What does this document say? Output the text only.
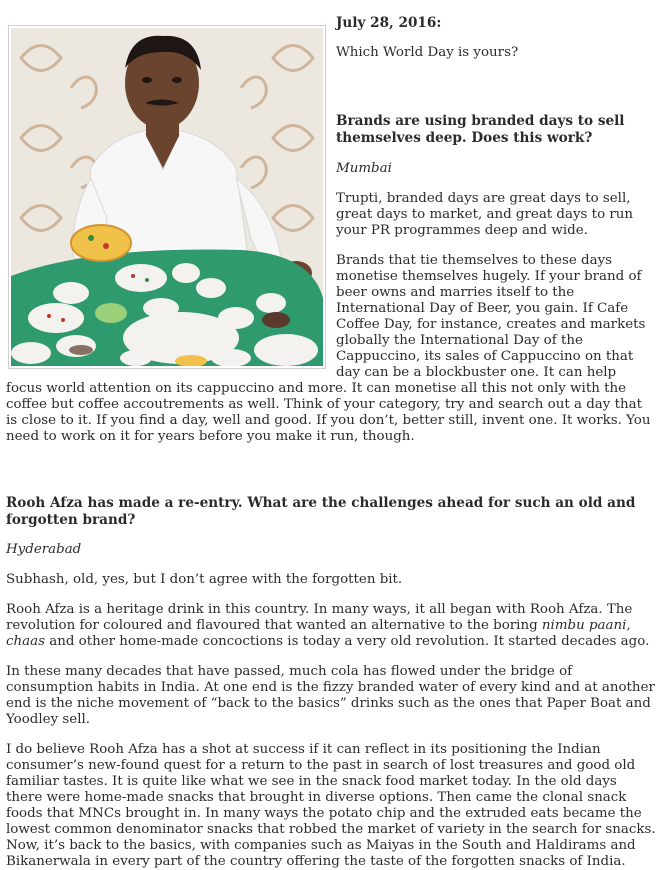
July 28, 2016:

Which World Day is yours?

Brands are using branded days to sell themselves deep. Does this work?

Mumbai

Trupti, branded days are great days to sell, great days to market, and great days to run your PR programmes deep and wide.

Brands that tie themselves to these days monetise themselves hugely. If your brand of beer owns and marries itself to the International Day of Beer, you gain. If Cafe Coffee Day, for instance, creates and markets globally the International Day of the Cappuccino, its sales of Cappuccino on that day can be a blockbuster one. It can help focus world attention on its cappuccino and more. It can monetise all this not only with the coffee but coffee accoutrements as well. Think of your category, try and search out a day that is close to it. If you find a day, well and good. If you don’t, better still, invent one. It works. You need to work on it for years before you make it run, though.

Rooh Afza has made a re-entry. What are the challenges ahead for such an old and forgotten brand?

Hyderabad

Subhash, old, yes, but I don’t agree with the forgotten bit.

Rooh Afza is a heritage drink in this country. In many ways, it all began with Rooh Afza. The revolution for coloured and flavoured that wanted an alternative to the boring nimbu paani, chaas and other home-made concoctions is today a very old revolution. It started decades ago.

In these many decades that have passed, much cola has flowed under the bridge of consumption habits in India. At one end is the fizzy branded water of every kind and at another end is the niche movement of “back to the basics” drinks such as the ones that Paper Boat and Yoodley sell.

I do believe Rooh Afza has a shot at success if it can reflect in its positioning the Indian consumer’s new-found quest for a return to the past in search of lost treasures and good old familiar tastes. It is quite like what we see in the snack food market today. In the old days there were home-made snacks that brought in diverse options. Then came the clonal snack foods that MNCs brought in. In many ways the potato chip and the extruded eats became the lowest common denominator snacks that robbed the market of variety in the search for snacks. Now, it’s back to the basics, with companies such as Maiyas in the South and Haldirams and Bikanerwala in every part of the country offering the taste of the forgotten snacks of India.
